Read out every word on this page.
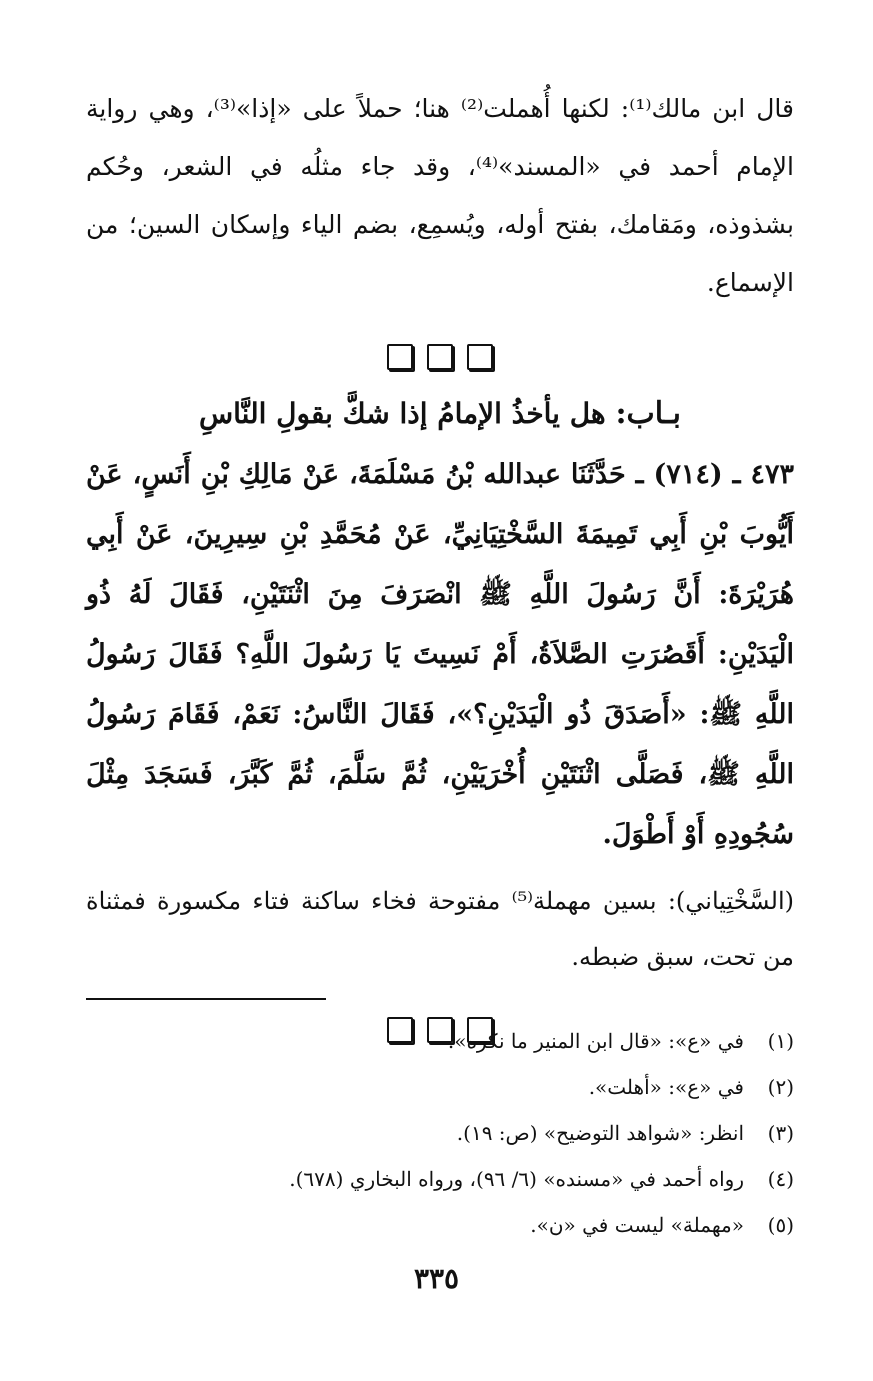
قال ابن مالك⁽¹⁾: لكنها أُهملت⁽²⁾ هنا؛ حملاً على «إذا»⁽³⁾، وهي رواية الإمام أحمد في «المسند»⁽⁴⁾، وقد جاء مثلُه في الشعر، وحُكم بشذوذه، ومَقامك، بفتح أوله، ويُسمِع، بضم الياء وإسكان السين؛ من الإسماع.

بـاب: هل يأخذُ الإمامُ إذا شكَّ بقولِ النَّاسِ

٤٧٣ ـ (٧١٤) ـ حَدَّثَنَا عبدالله بْنُ مَسْلَمَةَ، عَنْ مَالِكِ بْنِ أَنَسٍ، عَنْ أَيُّوبَ بْنِ أَبِي تَمِيمَةَ السَّخْتِيَانِيِّ، عَنْ مُحَمَّدِ بْنِ سِيرِينَ، عَنْ أَبِي هُرَيْرَةَ: أَنَّ رَسُولَ اللَّهِ ﷺ انْصَرَفَ مِنَ اثْنَتَيْنِ، فَقَالَ لَهُ ذُو الْيَدَيْنِ: أَقَصُرَتِ الصَّلاَةُ، أَمْ نَسِيتَ يَا رَسُولَ اللَّهِ؟ فَقَالَ رَسُولُ اللَّهِ ﷺ: «أَصَدَقَ ذُو الْيَدَيْنِ؟»، فَقَالَ النَّاسُ: نَعَمْ، فَقَامَ رَسُولُ اللَّهِ ﷺ، فَصَلَّى اثْنَتَيْنِ أُخْرَيَيْنِ، ثُمَّ سَلَّمَ، ثُمَّ كَبَّرَ، فَسَجَدَ مِثْلَ سُجُودِهِ أَوْ أَطْوَلَ.

(السَّخْتِياني): بسين مهملة⁽⁵⁾ مفتوحة فخاء ساكنة فتاء مكسورة فمثناة من تحت، سبق ضبطه.

(١)
في «ع»: «قال ابن المنير ما نكره».
(٢)
في «ع»: «أهلت».
(٣)
انظر: «شواهد التوضيح» (ص: ١٩).
(٤)
رواه أحمد في «مسنده» (٦/ ٩٦)، ورواه البخاري (٦٧٨).
(٥)
«مهملة» ليست في «ن».
٣٣٥
